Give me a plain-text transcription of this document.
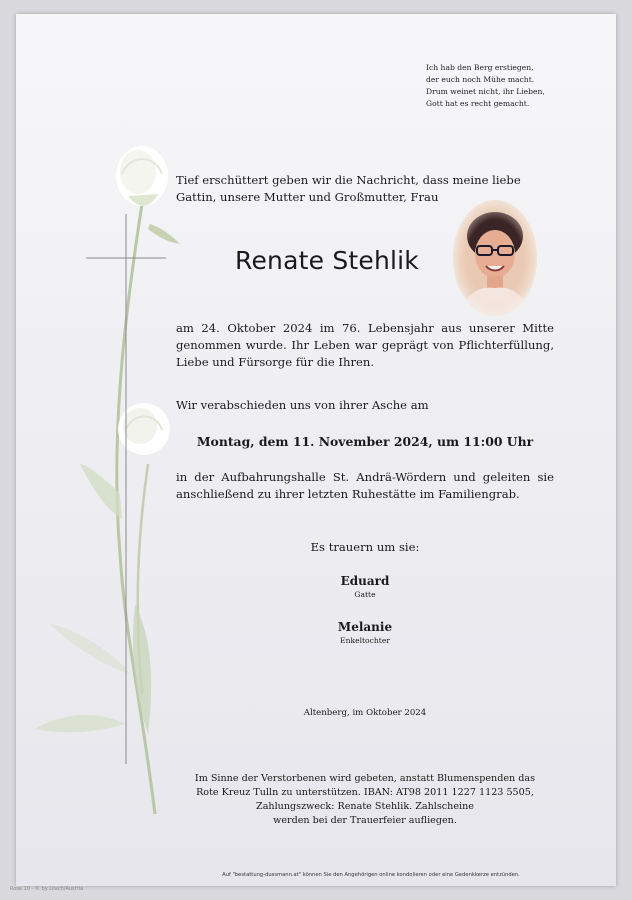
Ich hab den Berg erstiegen,
der euch noch Mühe macht.
Drum weinet nicht, ihr Lieben,
Gott hat es recht gemacht.
Tief erschüttert geben wir die Nachricht, dass meine liebe Gattin, unsere Mutter und Großmutter, Frau
Renate Stehlik
am 24. Oktober 2024 im 76. Lebensjahr aus unserer Mitte genommen wurde. Ihr Leben war geprägt von Pflichterfüllung, Liebe und Fürsorge für die Ihren.
Wir verabschieden uns von ihrer Asche am
Montag, dem 11. November 2024, um 11:00 Uhr
in der Aufbahrungshalle St. Andrä-Wördern und geleiten sie anschließend zu ihrer letzten Ruhestätte im Familiengrab.
Es trauern um sie:
Eduard
Gatte
Melanie
Enkeltochter
Altenberg, im Oktober 2024
Im Sinne der Verstorbenen wird gebeten, anstatt Blumenspenden das
Rote Kreuz Tulln zu unterstützen. IBAN: AT98 2011 1227 1123 5505,
Zahlungszweck: Renate Stehlik. Zahlscheine
werden bei der Trauerfeier aufliegen.
Auf "bestattung-dussmann.at" können Sie den Angehörigen online kondolieren oder eine Gedenkkerze entzünden.
Rose 10 - © by Lilach/Austria
